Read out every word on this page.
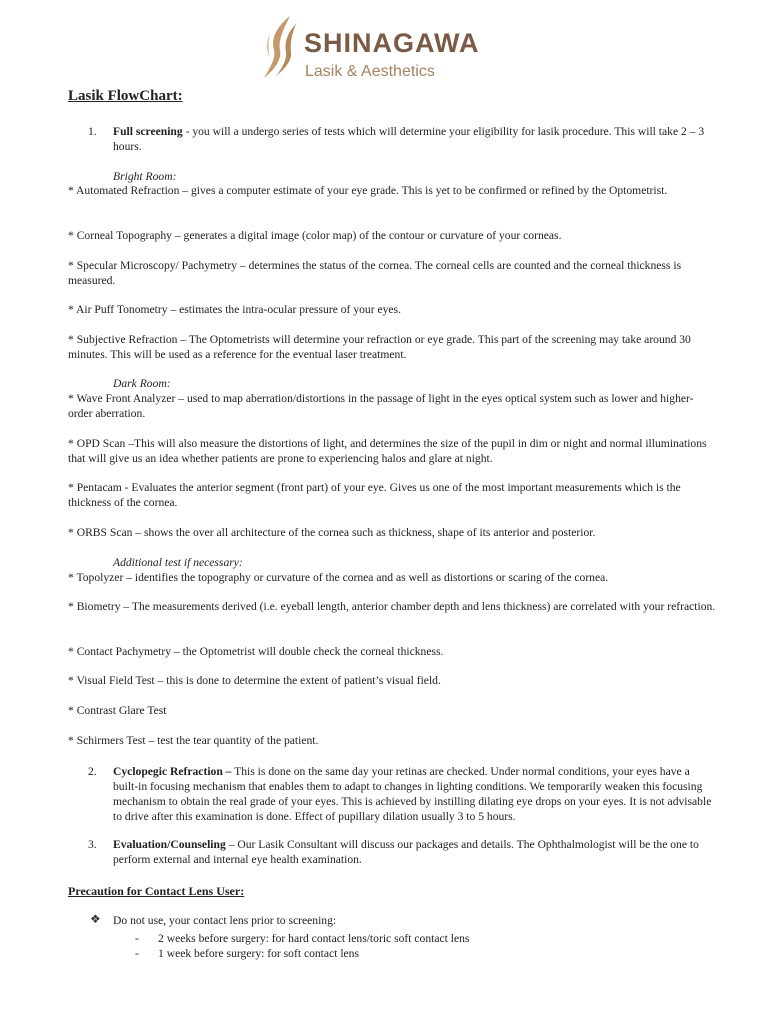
SHINAGAWA
Lasik & Aesthetics
Lasik FlowChart:
1. Full screening - you will a undergo series of tests which will determine your eligibility for lasik procedure. This will take 2 – 3 hours.
Bright Room:
* Automated Refraction – gives a computer estimate of your eye grade. This is yet to be confirmed or refined by the Optometrist.
* Corneal Topography – generates a digital image (color map) of the contour or curvature of your corneas.
* Specular Microscopy/ Pachymetry – determines the status of the cornea. The corneal cells are counted and the corneal thickness is measured.
* Air Puff Tonometry – estimates the intra-ocular pressure of your eyes.
* Subjective Refraction – The Optometrists will determine your refraction or eye grade. This part of the screening may take around 30 minutes. This will be used as a reference for the eventual laser treatment.
Dark Room:
* Wave Front Analyzer – used to map aberration/distortions in the passage of light in the eyes optical system such as lower and higher-order aberration.
* OPD Scan –This will also measure the distortions of light, and determines the size of the pupil in dim or night and normal illuminations that will give us an idea whether patients are prone to experiencing halos and glare at night.
* Pentacam - Evaluates the anterior segment (front part) of your eye. Gives us one of the most important measurements which is the thickness of the cornea.
* ORBS Scan – shows the over all architecture of the cornea such as thickness, shape of its anterior and posterior.
Additional test if necessary:
* Topolyzer – identifies the topography or curvature of the cornea and as well as distortions or scaring of the cornea.
* Biometry – The measurements derived (i.e. eyeball length, anterior chamber depth and lens thickness) are correlated with your refraction.
* Contact Pachymetry – the Optometrist will double check the corneal thickness.
* Visual Field Test – this is done to determine the extent of patient’s visual field.
* Contrast Glare Test
* Schirmers Test – test the tear quantity of the patient.
2. Cyclopegic Refraction – This is done on the same day your retinas are checked. Under normal conditions, your eyes have a built-in focusing mechanism that enables them to adapt to changes in lighting conditions. We temporarily weaken this focusing mechanism to obtain the real grade of your eyes. This is achieved by instilling dilating eye drops on your eyes. It is not advisable to drive after this examination is done. Effect of pupillary dilation usually 3 to 5 hours.
3. Evaluation/Counseling – Our Lasik Consultant will discuss our packages and details. The Ophthalmologist will be the one to perform external and internal eye health examination.
Precaution for Contact Lens User:
❖ Do not use, your contact lens prior to screening:
- 2 weeks before surgery: for hard contact lens/toric soft contact lens
- 1 week before surgery: for soft contact lens
